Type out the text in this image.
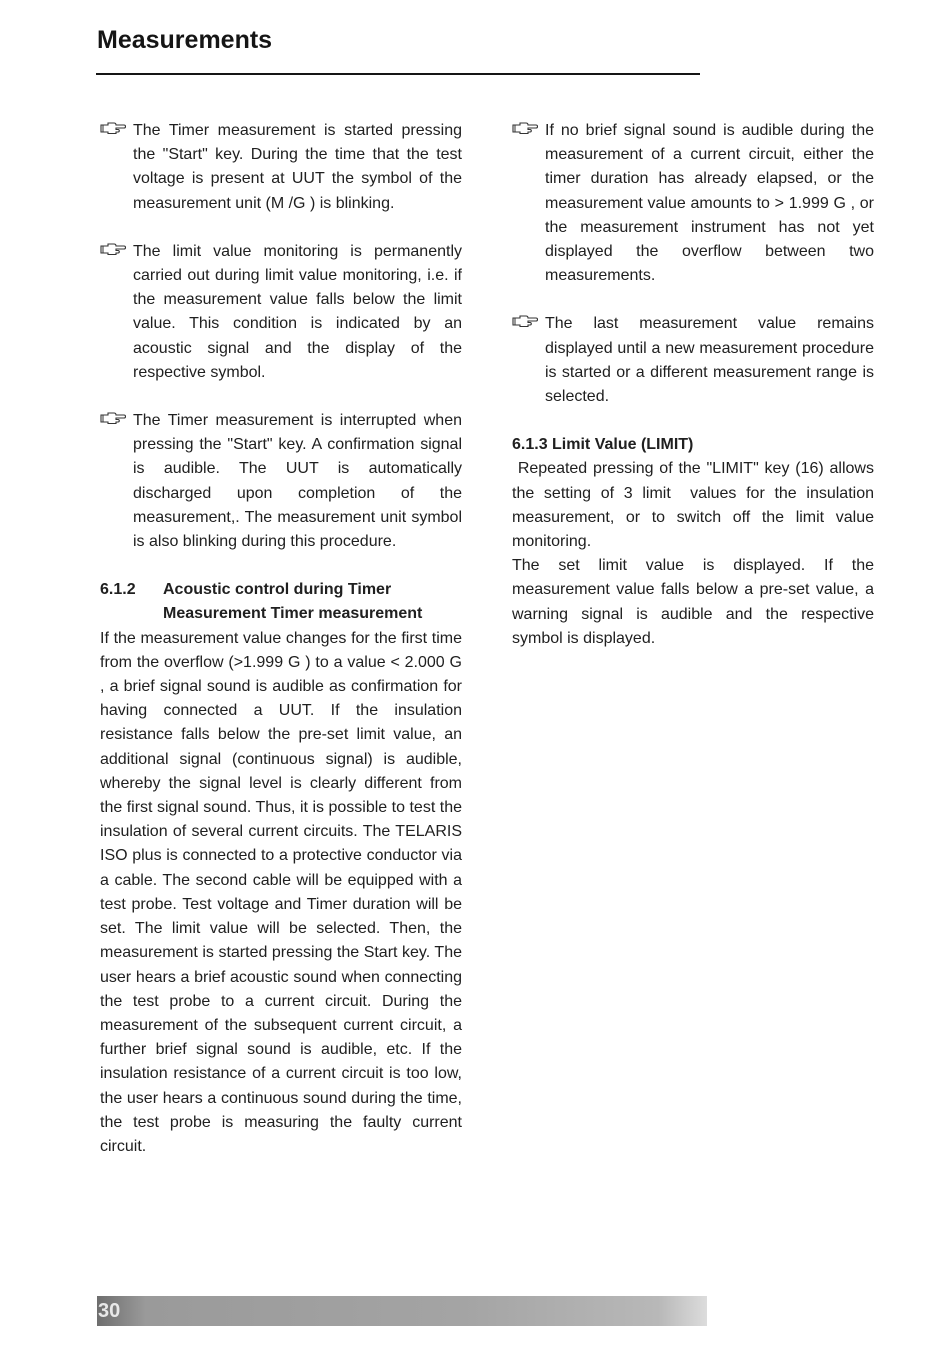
Measurements
The Timer measurement is started pressing the "Start" key. During the time that the test voltage is present at UUT the symbol of the measurement unit (M /G ) is blinking.
The limit value monitoring is permanently carried out during limit value monitoring, i.e. if the measurement value falls below the limit value. This condition is indicated by an acoustic signal and the display of the respective symbol.
The Timer measurement is interrupted when pressing the "Start" key. A confirmation signal is audible. The UUT is automatically discharged upon completion of the measurement,. The measurement unit symbol is also blinking during this procedure.
6.1.2 Acoustic control during Timer
Measurement Timer measurement
If the measurement value changes for the first time from the overflow (>1.999 G ) to a value < 2.000 G , a brief signal sound is audible as confirmation for having connected a UUT. If the insulation resistance falls below the pre-set limit value, an additional signal (continuous signal) is audible, whereby the signal level is clearly different from the first signal sound. Thus, it is possible to test the insulation of several current circuits. The TELARIS ISO plus is connected to a protective conductor via a cable. The second cable will be equipped with a test probe. Test voltage and Timer duration will be set. The limit value will be selected. Then, the measurement is started pressing the Start key. The user hears a brief acoustic sound when connecting the test probe to a current circuit. During the measurement of the subsequent current circuit, a further brief signal sound is audible, etc. If the insulation resistance of a current circuit is too low, the user hears a continuous sound during the time, the test probe is measuring the faulty current circuit.
If no brief signal sound is audible during the measurement of a current circuit, either the timer duration has already elapsed, or the measurement value amounts to > 1.999 G , or the measurement instrument has not yet displayed the overflow between two measurements.
The last measurement value remains displayed until a new measurement procedure is started or a different measurement range is selected.
6.1.3 Limit Value (LIMIT)
Repeated pressing of the "LIMIT" key (16) allows the setting of 3 limit  values for the insulation measurement, or to switch off the limit value monitoring.
The set limit value is displayed. If the measurement value falls below a pre-set value, a warning signal is audible and the respective symbol is displayed.
30
